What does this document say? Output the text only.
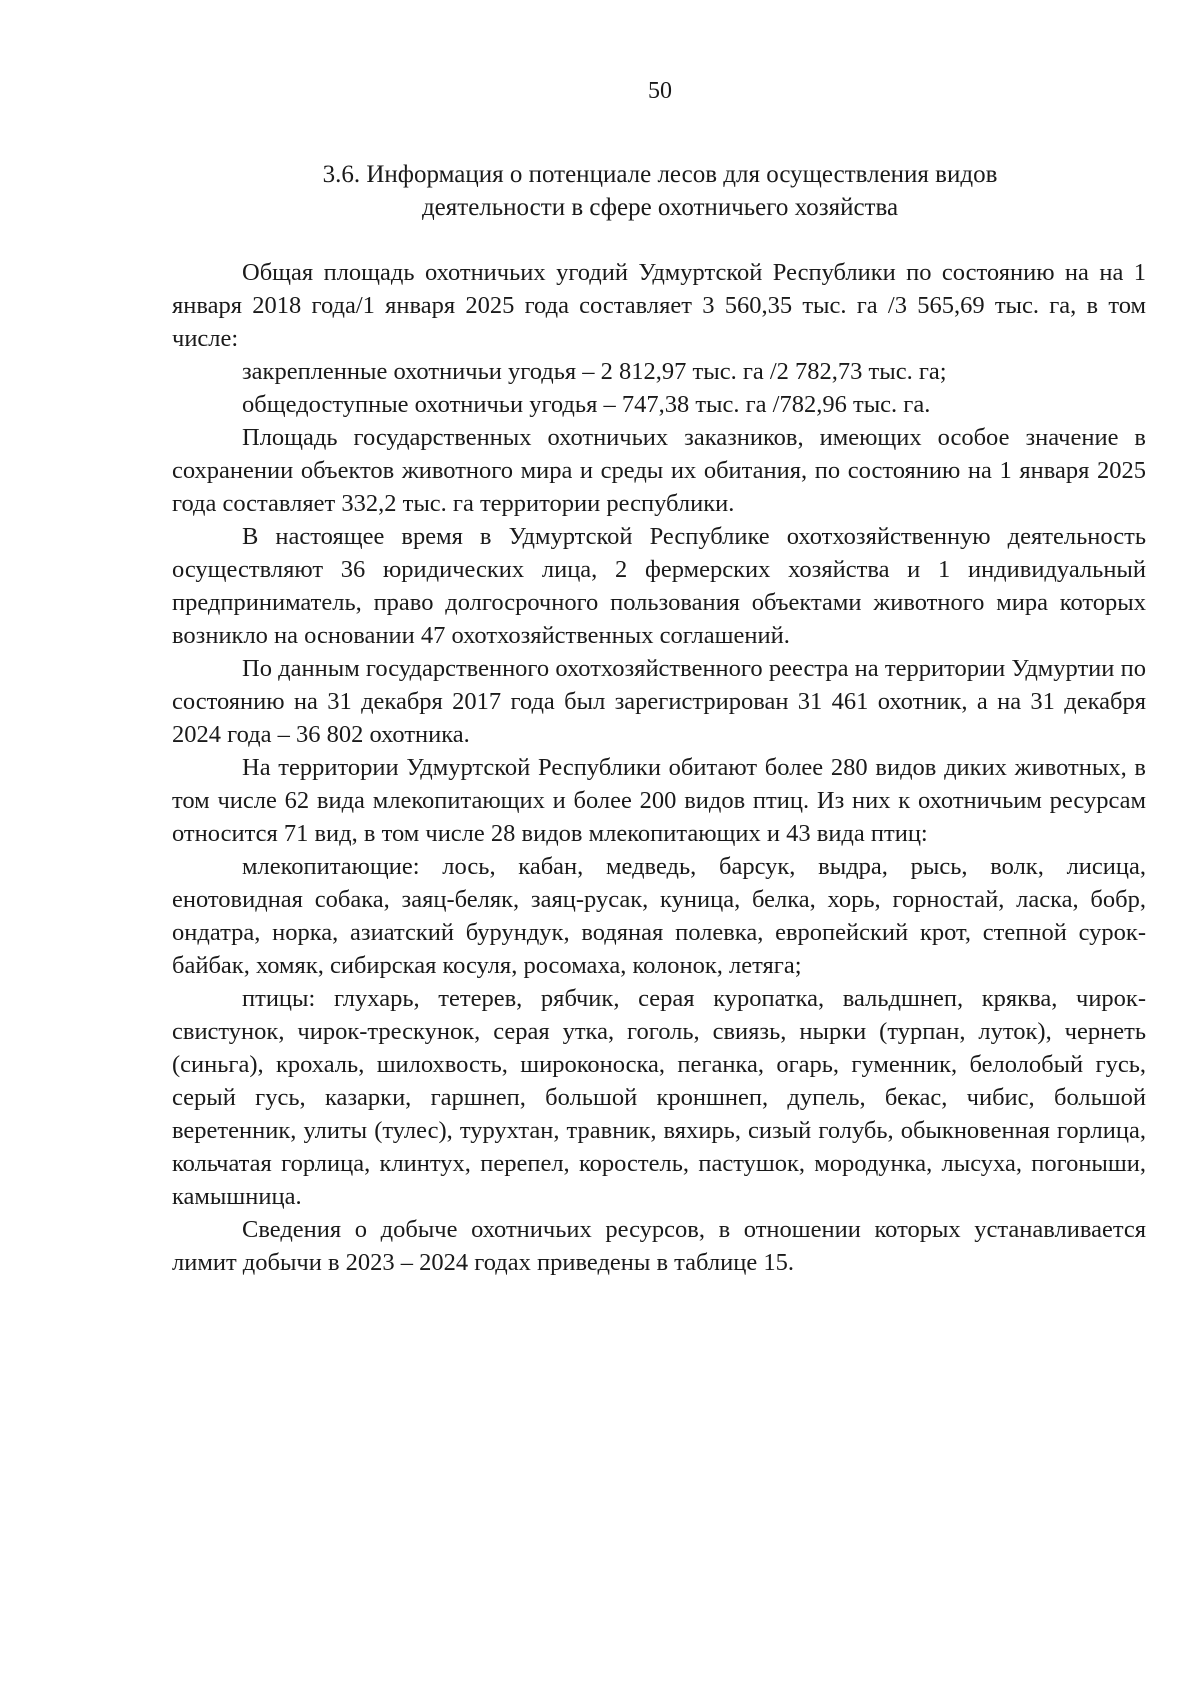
50
3.6. Информация о потенциале лесов для осуществления видов
деятельности в сфере охотничьего хозяйства

Общая площадь охотничьих угодий Удмуртской Республики по состоянию на на 1 января 2018 года/1 января 2025 года составляет 3 560,35 тыс. га /3 565,69 тыс. га, в том числе:

закрепленные охотничьи угодья – 2 812,97 тыс. га /2 782,73 тыс. га;

общедоступные охотничьи угодья – 747,38 тыс. га /782,96 тыс. га.

Площадь государственных охотничьих заказников, имеющих особое значение в сохранении объектов животного мира и среды их обитания, по состоянию на 1 января 2025 года составляет 332,2 тыс. га территории республики.

В настоящее время в Удмуртской Республике охотхозяйственную деятельность осуществляют 36 юридических лица, 2 фермерских хозяйства и 1 индивидуальный предприниматель, право долгосрочного пользования объектами животного мира которых возникло на основании 47 охотхозяйственных соглашений.

По данным государственного охотхозяйственного реестра на территории Удмуртии по состоянию на 31 декабря 2017 года был зарегистрирован 31 461 охотник, а на 31 декабря 2024 года – 36 802 охотника.

На территории Удмуртской Республики обитают более 280 видов диких животных, в том числе 62 вида млекопитающих и более 200 видов птиц. Из них к охотничьим ресурсам относится 71 вид, в том числе 28 видов млекопитающих и 43 вида птиц:

млекопитающие: лось, кабан, медведь, барсук, выдра, рысь, волк, лисица, енотовидная собака, заяц-беляк, заяц-русак, куница, белка, хорь, горностай, ласка, бобр, ондатра, норка, азиатский бурундук, водяная полевка, европейский крот, степной сурок-байбак, хомяк, сибирская косуля, росомаха, колонок, летяга;

птицы: глухарь, тетерев, рябчик, серая куропатка, вальдшнеп, кряква, чирок-свистунок, чирок-трескунок, серая утка, гоголь, свиязь, нырки (турпан, луток), чернеть (синьга), крохаль, шилохвость, широконоска, пеганка, огарь, гуменник, белолобый гусь, серый гусь, казарки, гаршнеп, большой кроншнеп, дупель, бекас, чибис, большой веретенник, улиты (тулес), турухтан, травник, вяхирь, сизый голубь, обыкновенная горлица, кольчатая горлица, клинтух, перепел, коростель, пастушок, мородунка, лысуха, погоныши, камышница.

Сведения о добыче охотничьих ресурсов, в отношении которых устанавливается лимит добычи в 2023 – 2024 годах приведены в таблице 15.
